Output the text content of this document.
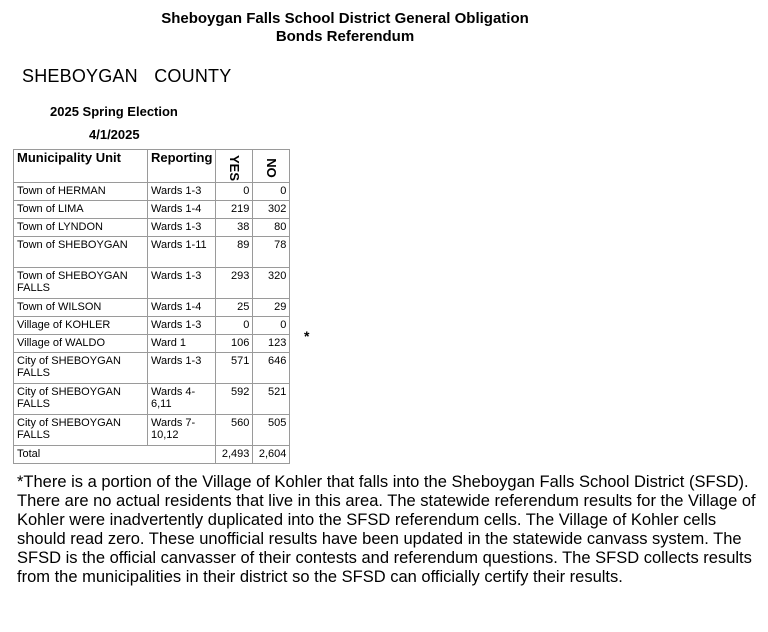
Sheboygan Falls School District General Obligation
Bonds Referendum
SHEBOYGAN  COUNTY
2025 Spring Election
4/1/2025
Municipality Unit	Reporting	YES	NO

Town of HERMAN	Wards 1-3	0	0
Town of LIMA	Wards 1-4	219	302
Town of LYNDON	Wards 1-3	38	80
Town of SHEBOYGAN	Wards 1-11	89	78
Town of SHEBOYGAN FALLS	Wards 1-3	293	320
Town of WILSON	Wards 1-4	25	29
Village of KOHLER	Wards 1-3	0	0
Village of WALDO	Ward 1	106	123
City of SHEBOYGAN FALLS	Wards 1-3	571	646
City of SHEBOYGAN FALLS	Wards 4-6,11	592	521
City of SHEBOYGAN FALLS	Wards 7-10,12	560	505
Total		2,493	2,604
*
*There is a portion of the Village of Kohler that falls into the Sheboygan Falls School District (SFSD). There are no actual residents that live in this area. The statewide referendum results for the Village of Kohler were inadvertently duplicated into the SFSD referendum cells. The Village of Kohler cells should read zero. These unofficial results have been updated in the statewide canvass system. The SFSD is the official canvasser of their contests and referendum questions. The SFSD collects results from the municipalities in their district so the SFSD can officially certify their results.
